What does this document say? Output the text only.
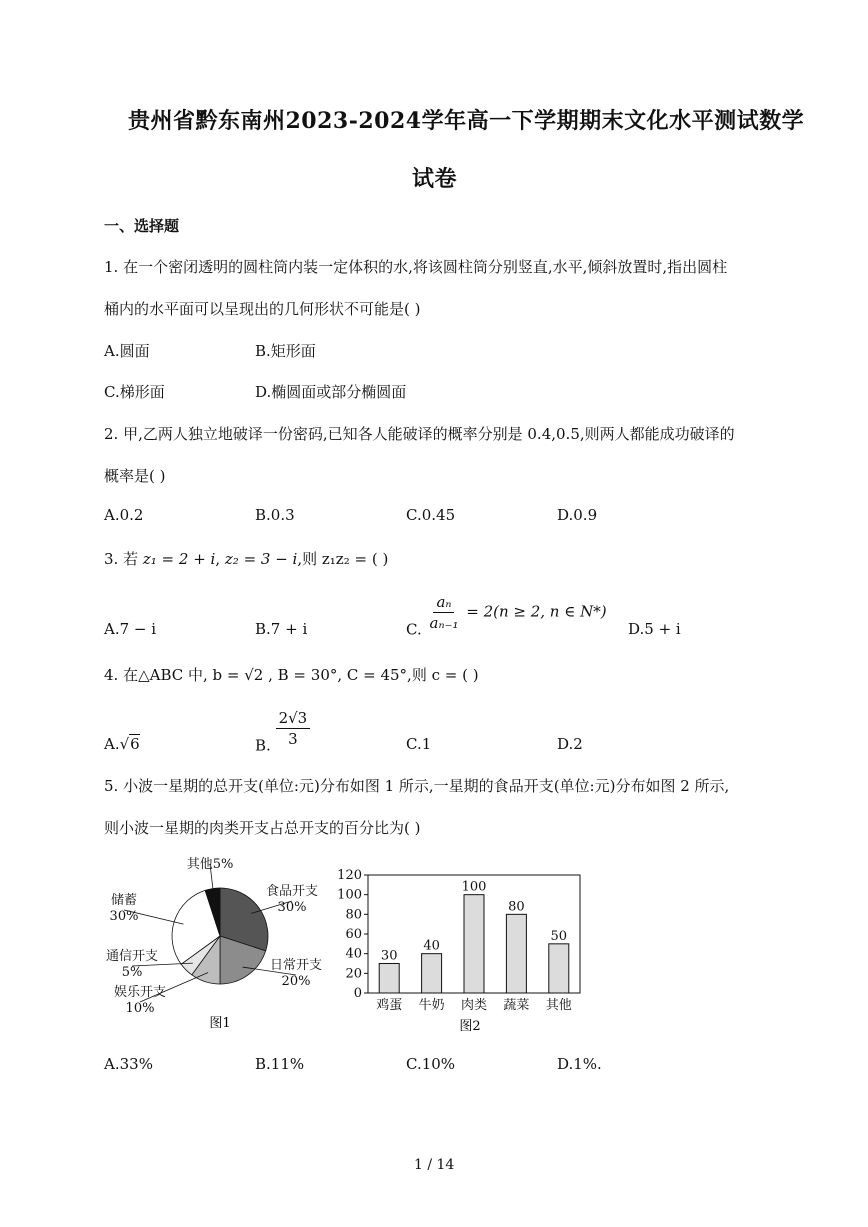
贵州省黔东南州2023-2024学年高一下学期期末文化水平测试数学
试卷
一、选择题
1. 在一个密闭透明的圆柱筒内装一定体积的水,将该圆柱筒分别竖直,水平,倾斜放置时,指出圆柱
桶内的水平面可以呈现出的几何形状不可能是( )
A.圆面	B.矩形面
C.梯形面	D.椭圆面或部分椭圆面
2. 甲,乙两人独立地破译一份密码,已知各人能破译的概率分别是 0.4,0.5,则两人都能成功破译的
概率是( )
A.0.2	B.0.3	C.0.45	D.0.9
3. 若 z₁ = 2 + i, z₂ = 3 − i,则 z₁z₂ = ( )
A.7 − i	B.7 + i	C. $\frac{\text{aₙ}}{\text{aₙ₋₁}} = 2(n \ge 2$, n ∈ N*)
D.5 + i
4. 在△ABC 中, b = √2 , B = 30°, C = 45°,则 c = ( )
A.√6	B. $\frac{2√3}{3}$	C.1	D.2
5. 小波一星期的总开支(单位:元)分布如图 1 所示,一星期的食品开支(单位:元)分布如图 2 所示,
则小波一星期的肉类开支占总开支的百分比为( )
食品开支
30%
日常开支
20%
娱乐开支
10%
通信开支
5%
储蓄
30%
其他5%
图1
0
20
40
60
80
100
120
30
40
100
80
50
鸡蛋 牛奶 肉类 蔬菜 其他
图2
A.33%	B.11%	C.10%	D.1%.
1 / 14
